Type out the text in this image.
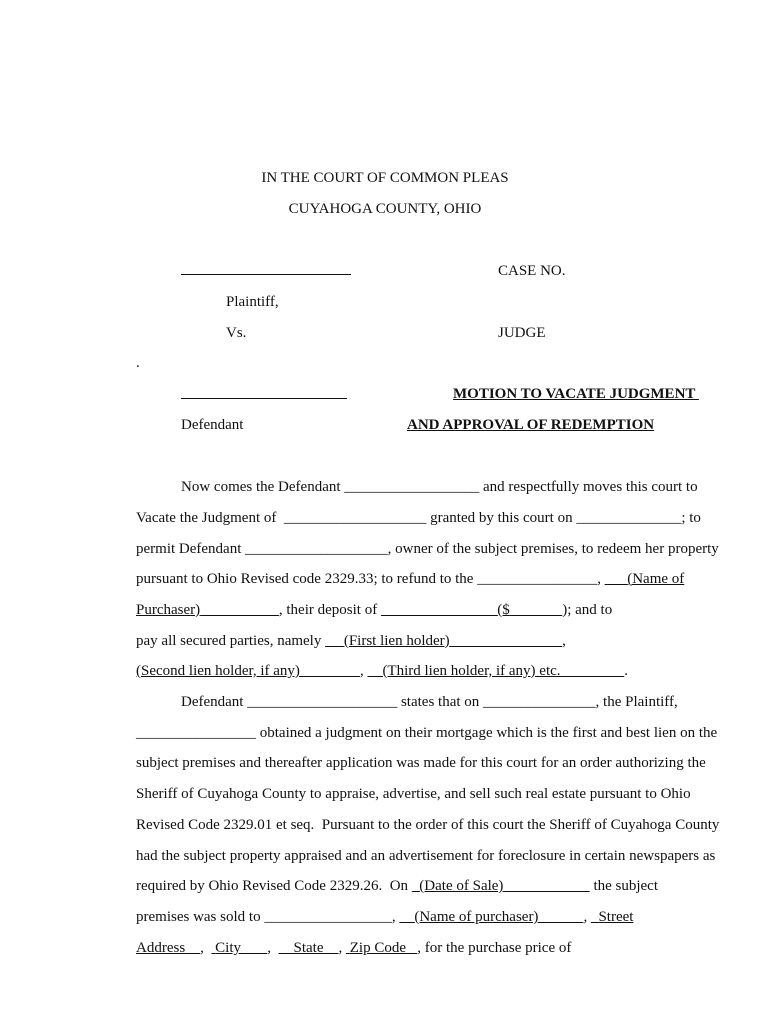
IN THE COURT OF COMMON PLEAS
CUYAHOGA COUNTY, OHIO
CASE NO.
Plaintiff,
Vs.	JUDGE
.
MOTION TO VACATE JUDGMENT
Defendant	AND APPROVAL OF REDEMPTION
Now comes the Defendant __________________ and respectfully moves this court to
Vacate the Judgment of  ___________________ granted by this court on ______________; to
permit Defendant ___________________, owner of the subject premises, to redeem her property
pursuant to Ohio Revised code 2329.33; to refund to the ________________,       (Name of
Purchaser)	, their deposit of	($	); and to
pay all secured parties, namely      (First lien holder)	,
(Second lien holder, if any)	,     (Third lien holder, if any) etc.	.
Defendant ____________________ states that on _______________, the Plaintiff,
________________ obtained a judgment on their mortgage which is the first and best lien on the
subject premises and thereafter application was made for this court for an order authorizing the
Sheriff of Cuyahoga County to appraise, advertise, and sell such real estate pursuant to Ohio
Revised Code 2329.01 et seq.  Pursuant to the order of this court the Sheriff of Cuyahoga County
had the subject property appraised and an advertisement for foreclosure in certain newspapers as
required by Ohio Revised Code 2329.26.  On   (Date of Sale)	the subject
premises was sold to _________________,     (Name of purchaser)	,   Street
Address ,   City ,      State ,  Zip Code , for the purchase price of
